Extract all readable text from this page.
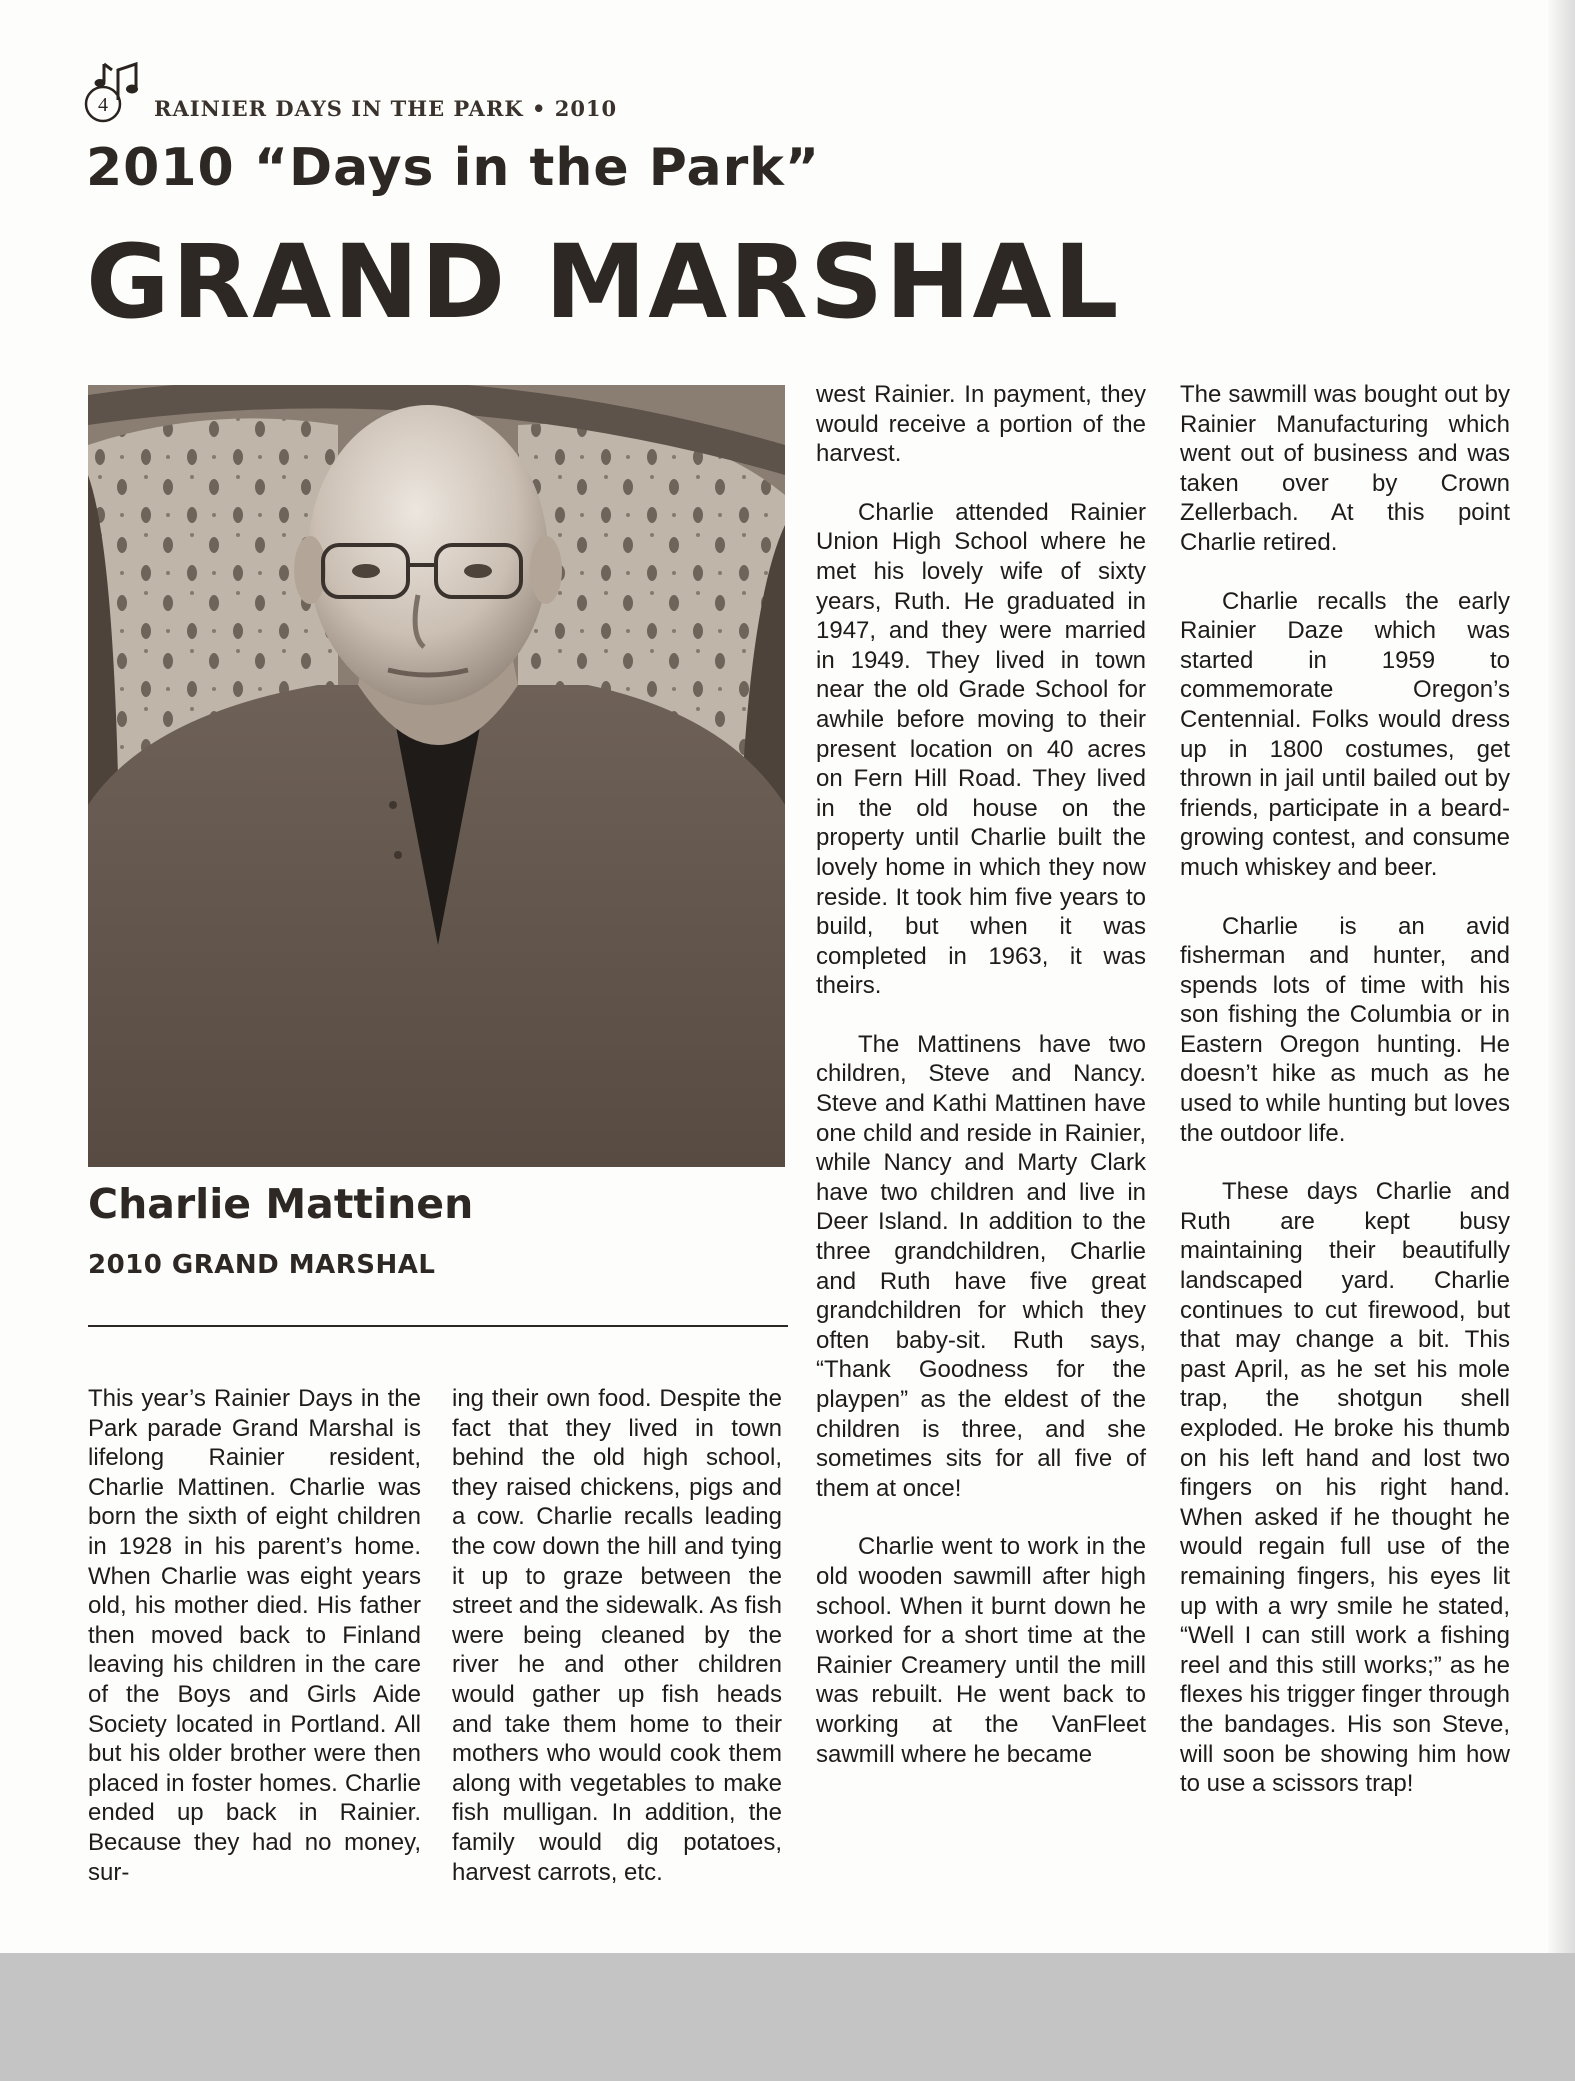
4	RAINIER DAYS IN THE PARK • 2010
2010 “Days in the Park”
GRAND MARSHAL
Charlie Mattinen
2010 GRAND MARSHAL

This year’s Rainier Days in the Park parade Grand Marshal is lifelong Rainier resident, Charlie Mattinen. Charlie was born the sixth of eight children in 1928 in his parent’s home. When Charlie was eight years old, his mother died. His father then moved back to Finland leaving his children in the care of the Boys and Girls Aide Society located in Portland. All but his older brother were then placed in foster homes. Charlie ended up back in Rainier. Because they had no money, sur-

ing their own food. Despite the fact that they lived in town behind the old high school, they raised chickens, pigs and a cow. Charlie recalls leading the cow down the hill and tying it up to graze between the street and the sidewalk. As fish were being cleaned by the river he and other children would gather up fish heads and take them home to their mothers who would cook them along with vegetables to make fish mulligan. In addition, the family would dig potatoes, harvest carrots, etc.

west Rainier. In payment, they would receive a portion of the harvest.

Charlie attended Rainier Union High School where he met his lovely wife of sixty years, Ruth. He graduated in 1947, and they were married in 1949. They lived in town near the old Grade School for awhile before moving to their present location on 40 acres on Fern Hill Road. They lived in the old house on the property until Charlie built the lovely home in which they now reside. It took him five years to build, but when it was completed in 1963, it was theirs.

The Mattinens have two children, Steve and Nancy. Steve and Kathi Mattinen have one child and reside in Rainier, while Nancy and Marty Clark have two children and live in Deer Island. In addition to the three grandchildren, Charlie and Ruth have five great grandchildren for which they often baby-sit. Ruth says, “Thank Goodness for the playpen” as the eldest of the children is three, and she sometimes sits for all five of them at once!

Charlie went to work in the old wooden sawmill after high school. When it burnt down he worked for a short time at the Rainier Creamery until the mill was rebuilt. He went back to working at the VanFleet sawmill where he became

The sawmill was bought out by Rainier Manufacturing which went out of business and was taken over by Crown Zellerbach. At this point Charlie retired.

Charlie recalls the early Rainier Daze which was started in 1959 to commemorate Oregon’s Centennial. Folks would dress up in 1800 costumes, get thrown in jail until bailed out by friends, participate in a beard-growing contest, and consume much whiskey and beer.

Charlie is an avid fisherman and hunter, and spends lots of time with his son fishing the Columbia or in Eastern Oregon hunting. He doesn’t hike as much as he used to while hunting but loves the outdoor life.

These days Charlie and Ruth are kept busy maintaining their beautifully landscaped yard. Charlie continues to cut firewood, but that may change a bit. This past April, as he set his mole trap, the shotgun shell exploded. He broke his thumb on his left hand and lost two fingers on his right hand. When asked if he thought he would regain full use of the remaining fingers, his eyes lit up with a wry smile he stated, “Well I can still work a fishing reel and this still works;” as he flexes his trigger finger through the bandages. His son Steve, will soon be showing him how to use a scissors trap!
